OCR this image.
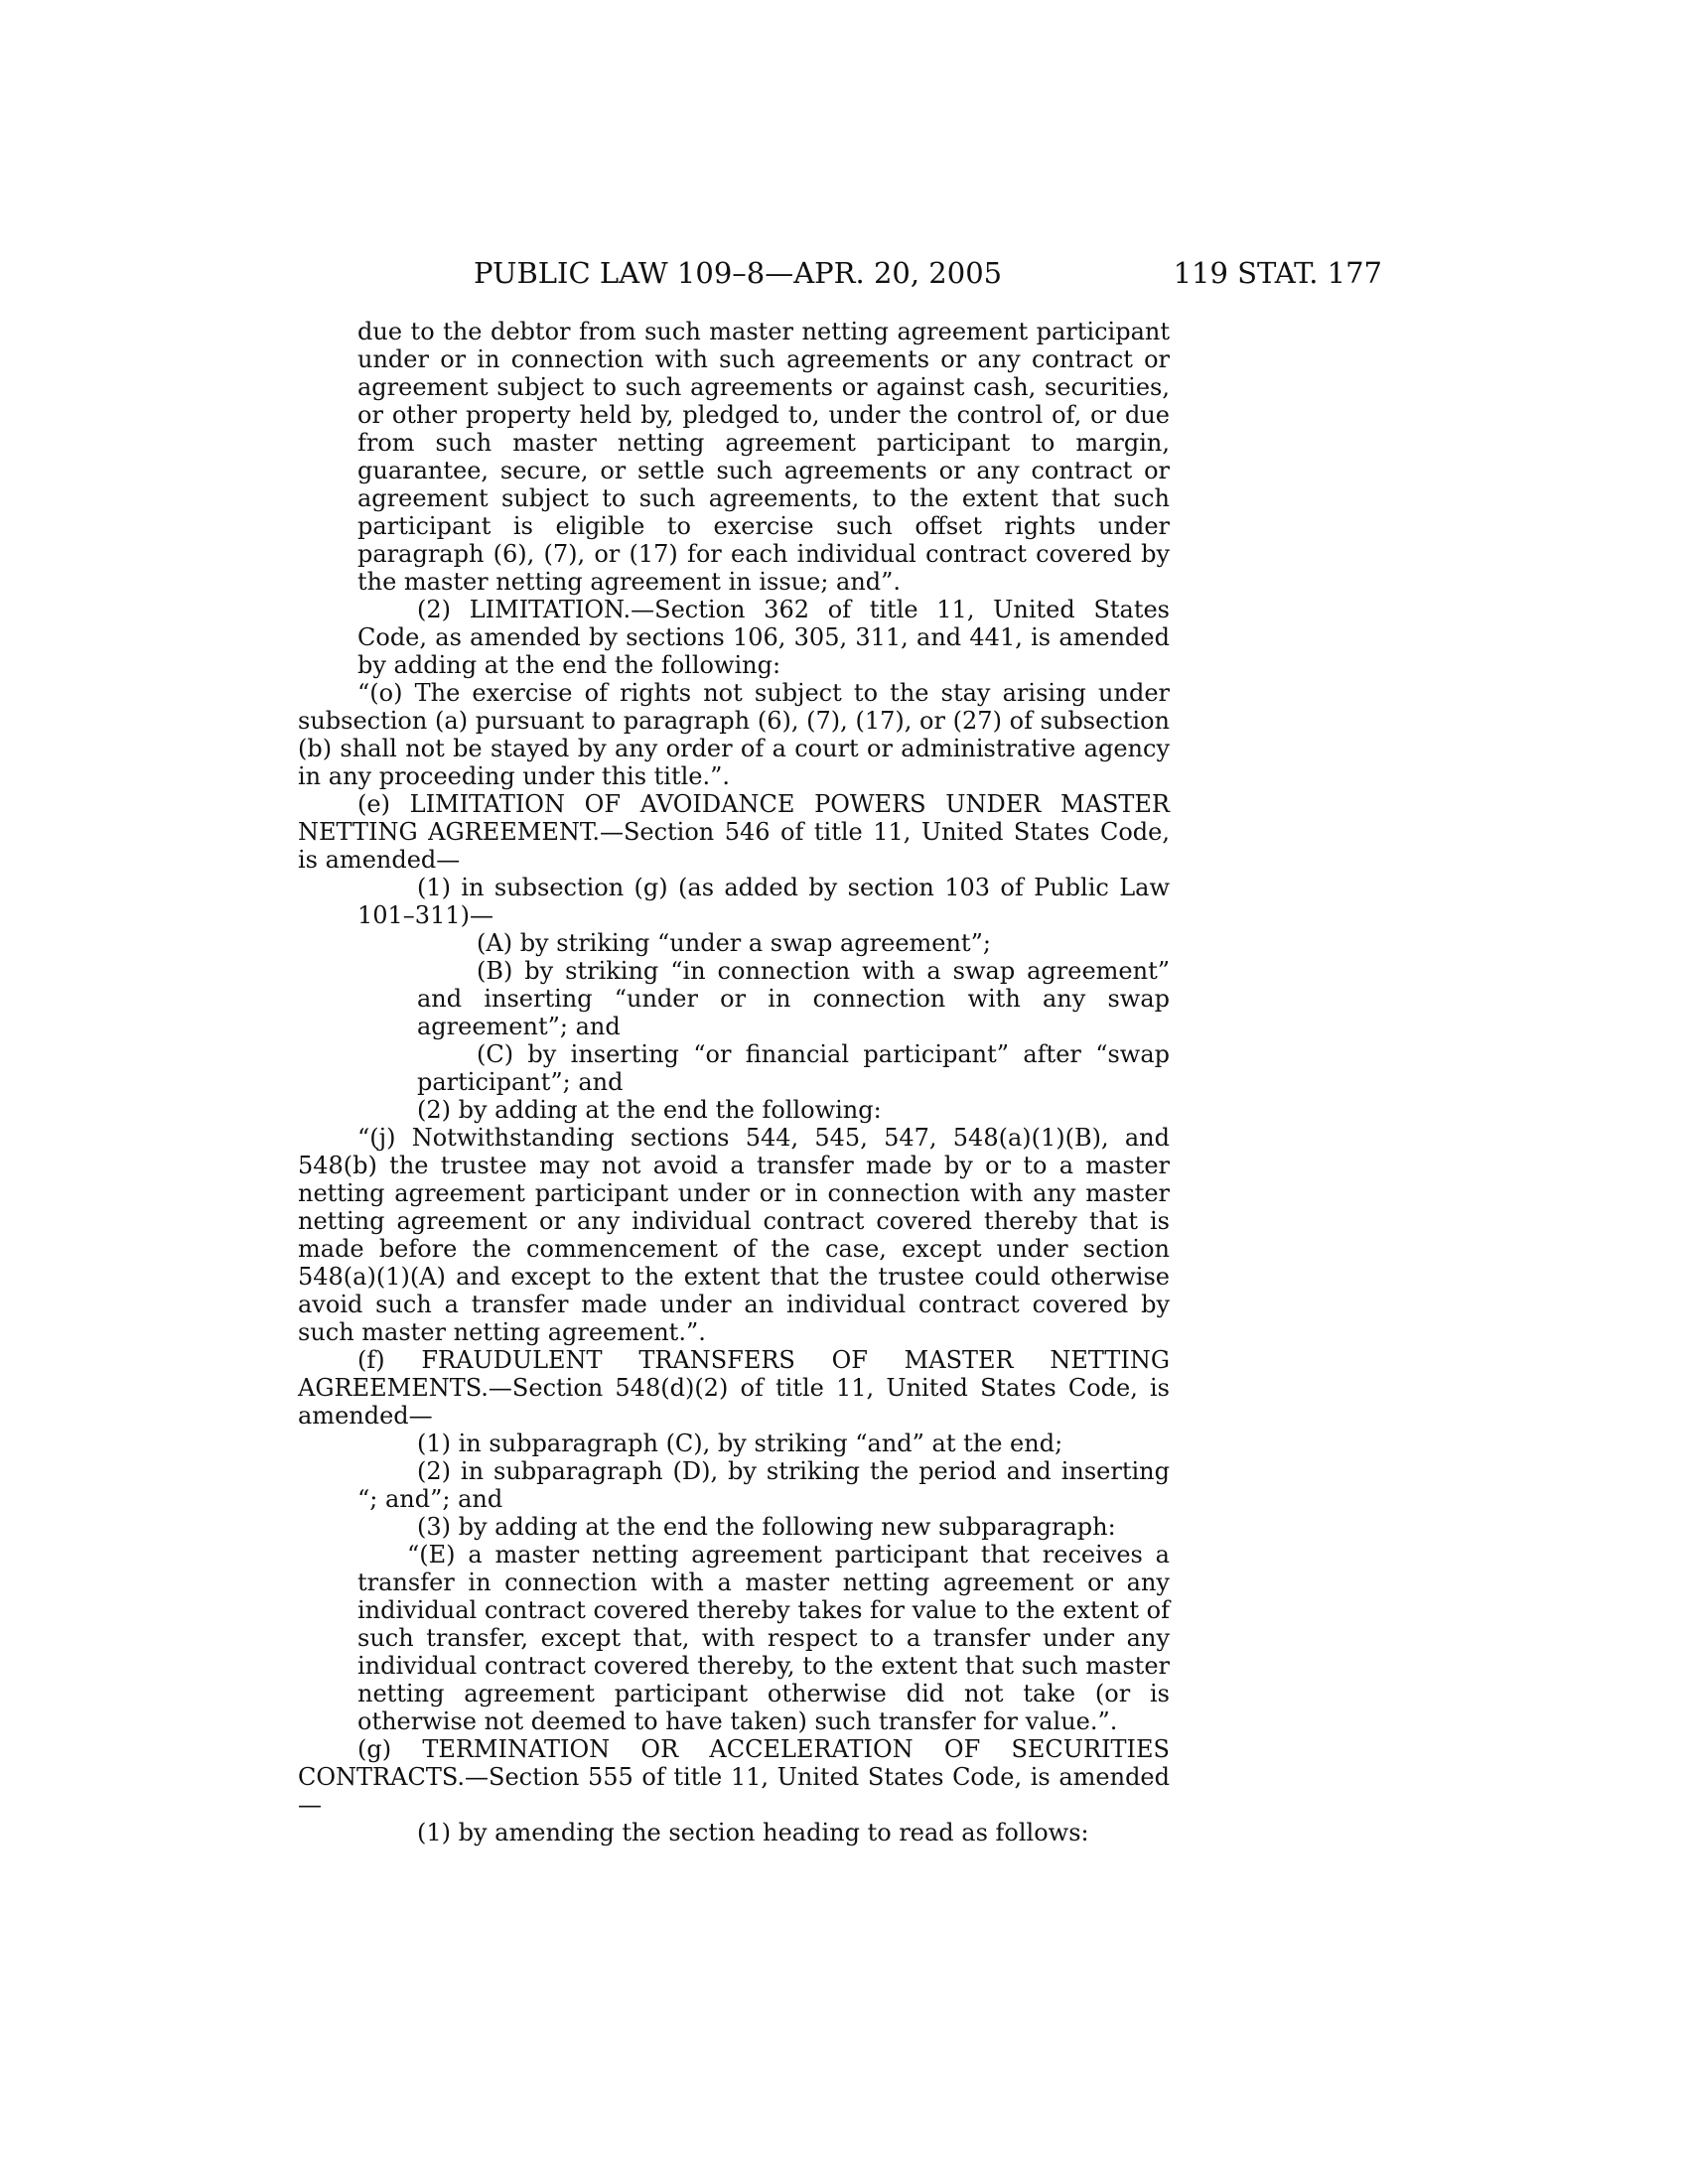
PUBLIC LAW 109–8—APR. 20, 2005	119 STAT. 177

due to the debtor from such master netting agreement participant under or in connection with such agreements or any contract or agreement subject to such agreements or against cash, securities, or other property held by, pledged to, under the control of, or due from such master netting agreement participant to margin, guarantee, secure, or settle such agreements or any contract or agreement subject to such agreements, to the extent that such participant is eligible to exercise such offset rights under paragraph (6), (7), or (17) for each individual contract covered by the master netting agreement in issue; and”.

(2) LIMITATION.—Section 362 of title 11, United States Code, as amended by sections 106, 305, 311, and 441, is amended by adding at the end the following:

“(o) The exercise of rights not subject to the stay arising under subsection (a) pursuant to paragraph (6), (7), (17), or (27) of subsection (b) shall not be stayed by any order of a court or administrative agency in any proceeding under this title.”.

(e) LIMITATION OF AVOIDANCE POWERS UNDER MASTER NETTING AGREEMENT.—Section 546 of title 11, United States Code, is amended—

(1) in subsection (g) (as added by section 103 of Public Law 101–311)—

(A) by striking “under a swap agreement”;

(B) by striking “in connection with a swap agreement” and inserting “under or in connection with any swap agreement”; and

(C) by inserting “or financial participant” after “swap participant”; and

(2) by adding at the end the following:

“(j) Notwithstanding sections 544, 545, 547, 548(a)(1)(B), and 548(b) the trustee may not avoid a transfer made by or to a master netting agreement participant under or in connection with any master netting agreement or any individual contract covered thereby that is made before the commencement of the case, except under section 548(a)(1)(A) and except to the extent that the trustee could otherwise avoid such a transfer made under an individual contract covered by such master netting agreement.”.

(f) FRAUDULENT TRANSFERS OF MASTER NETTING AGREEMENTS.—Section 548(d)(2) of title 11, United States Code, is amended—

(1) in subparagraph (C), by striking “and” at the end;

(2) in subparagraph (D), by striking the period and inserting “; and”; and

(3) by adding at the end the following new subparagraph:

“(E) a master netting agreement participant that receives a transfer in connection with a master netting agreement or any individual contract covered thereby takes for value to the extent of such transfer, except that, with respect to a transfer under any individual contract covered thereby, to the extent that such master netting agreement participant otherwise did not take (or is otherwise not deemed to have taken) such transfer for value.”.

(g) TERMINATION OR ACCELERATION OF SECURITIES CONTRACTS.—Section 555 of title 11, United States Code, is amended—

(1) by amending the section heading to read as follows:
